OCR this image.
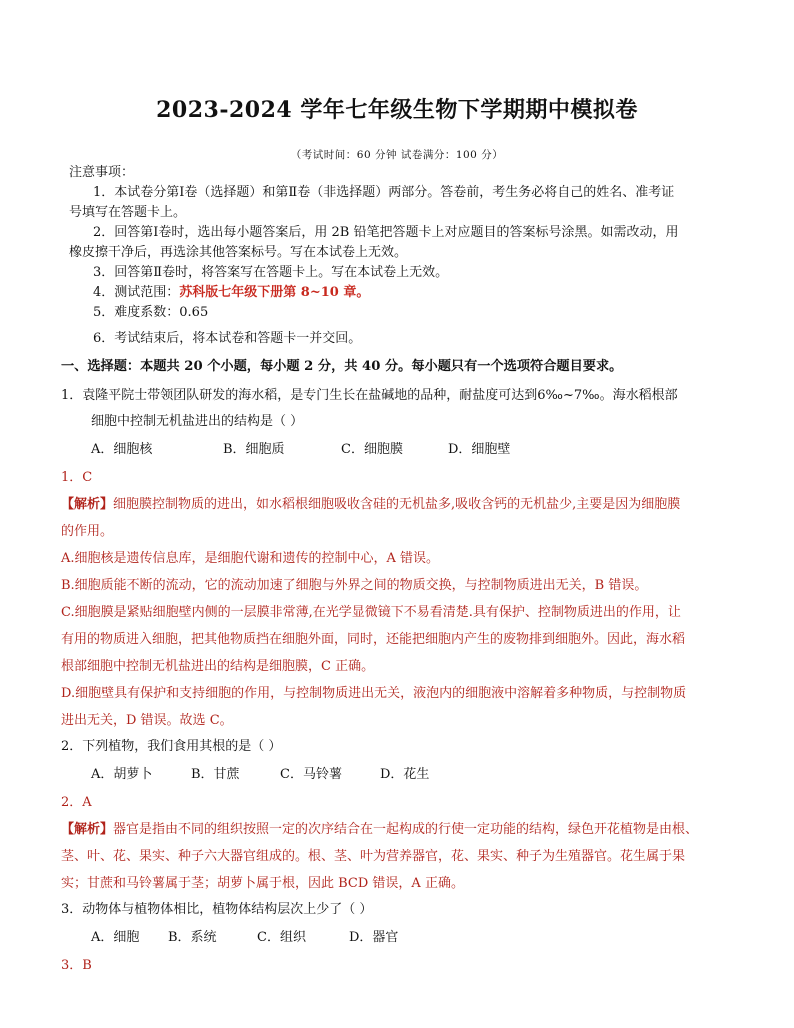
2023-2024 学年七年级生物下学期期中模拟卷
（考试时间：60 分钟 试卷满分：100 分）
注意事项：
1．本试卷分第Ⅰ卷（选择题）和第Ⅱ卷（非选择题）两部分。答卷前，考生务必将自己的姓名、准考证
号填写在答题卡上。
2．回答第Ⅰ卷时，选出每小题答案后，用 2B 铅笔把答题卡上对应题目的答案标号涂黑。如需改动，用
橡皮擦干净后，再选涂其他答案标号。写在本试卷上无效。
3．回答第Ⅱ卷时，将答案写在答题卡上。写在本试卷上无效。
4．测试范围：苏科版七年级下册第 8~10 章。
5．难度系数：0.65
6．考试结束后，将本试卷和答题卡一并交回。
一、选择题：本题共 20 个小题，每小题 2 分，共 40 分。每小题只有一个选项符合题目要求。
1．袁隆平院士带领团队研发的海水稻，是专门生长在盐碱地的品种，耐盐度可达到6‰~7‰。海水稻根部
细胞中控制无机盐进出的结构是（ ）
A．细胞核	B．细胞质	C．细胞膜	D．细胞壁
1．C
【解析】细胞膜控制物质的进出，如水稻根细胞吸收含硅的无机盐多,吸收含钙的无机盐少,主要是因为细胞膜
的作用。
A.细胞核是遗传信息库，是细胞代谢和遗传的控制中心，A 错误。
B.细胞质能不断的流动，它的流动加速了细胞与外界之间的物质交换，与控制物质进出无关，B 错误。
C.细胞膜是紧贴细胞壁内侧的一层膜非常薄,在光学显微镜下不易看清楚.具有保护、控制物质进出的作用，让
有用的物质进入细胞，把其他物质挡在细胞外面，同时，还能把细胞内产生的废物排到细胞外。因此，海水稻
根部细胞中控制无机盐进出的结构是细胞膜，C 正确。
D.细胞壁具有保护和支持细胞的作用，与控制物质进出无关，液泡内的细胞液中溶解着多种物质，与控制物质
进出无关，D 错误。故选 C。
2．下列植物，我们食用其根的是（ ）
A．胡萝卜	B．甘蔗	C．马铃薯	D．花生
2．A
【解析】器官是指由不同的组织按照一定的次序结合在一起构成的行使一定功能的结构，绿色开花植物是由根、
茎、叶、花、果实、种子六大器官组成的。根、茎、叶为营养器官，花、果实、种子为生殖器官。花生属于果
实；甘蔗和马铃薯属于茎；胡萝卜属于根，因此 BCD 错误，A 正确。
3．动物体与植物体相比，植物体结构层次上少了（ ）
A．细胞	B．系统	C．组织	D．器官
3．B
